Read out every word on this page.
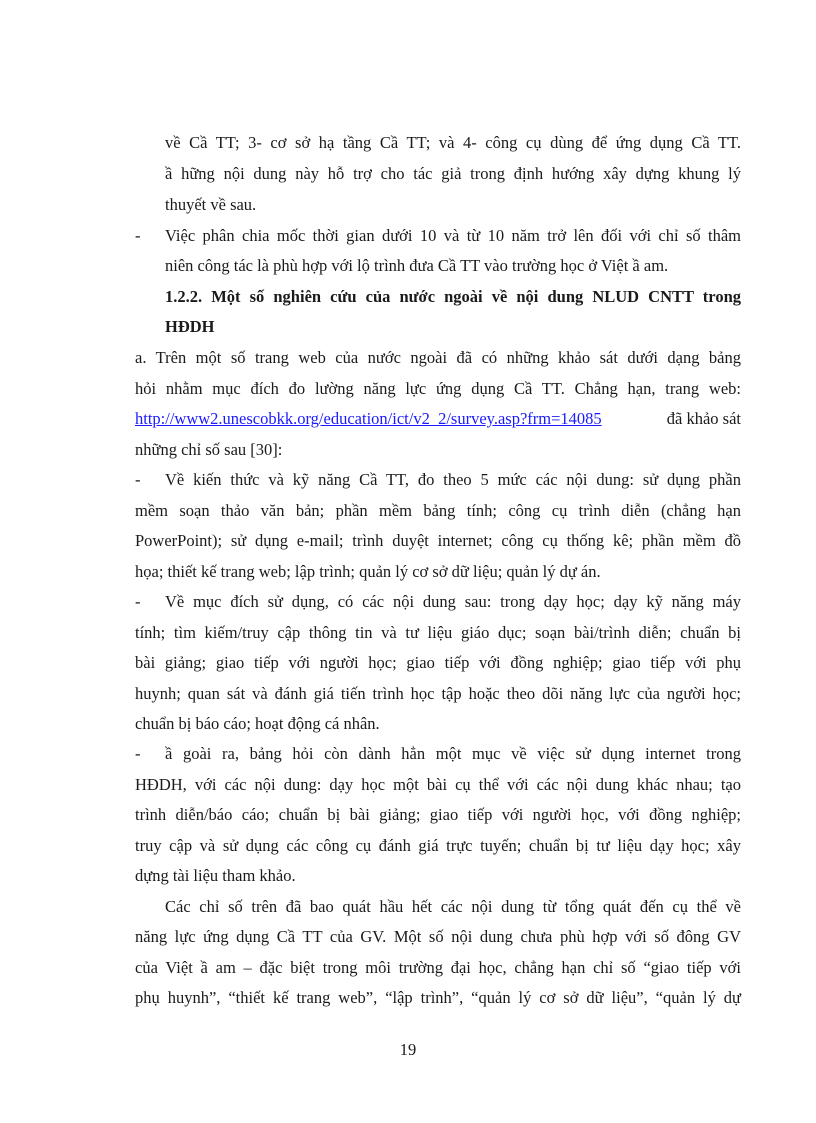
về Cầ TT; 3- cơ sở hạ tầng Cầ TT; và 4- công cụ dùng để ứng dụng Cầ TT.
ầ hững nội dung này hỗ trợ cho tác giả trong định hướng xây dựng khung lý
thuyết về sau.
- Việc phân chia mốc thời gian dưới 10 và từ 10 năm trở lên đối với chỉ số thâm
niên công tác là phù hợp với lộ trình đưa Cầ TT vào trường học ở Việt ầ am.
1.2.2. Một số nghiên cứu của nước ngoài về nội dung NLUD CNTT trong
HĐDH
a. Trên một số trang web của nước ngoài đã có những khảo sát dưới dạng bảng
hỏi nhằm mục đích đo lường năng lực ứng dụng Cầ TT. Chẳng hạn, trang web:
http://www2.unescobkk.org/education/ict/v2_2/survey.asp?frm=14085	đã khảo sát
những chỉ số sau [30]:
- Về kiến thức và kỹ năng Cầ TT, đo theo 5 mức các nội dung: sử dụng phần
mềm soạn thảo văn bản; phần mềm bảng tính; công cụ trình diễn (chẳng hạn
PowerPoint); sử dụng e-mail; trình duyệt internet; công cụ thống kê; phần mềm đồ
họa; thiết kế trang web; lập trình; quản lý cơ sở dữ liệu; quản lý dự án.
- Về mục đích sử dụng, có các nội dung sau: trong dạy học; dạy kỹ năng máy
tính; tìm kiếm/truy cập thông tin và tư liệu giáo dục; soạn bài/trình diễn; chuẩn bị
bài giảng; giao tiếp với người học; giao tiếp với đồng nghiệp; giao tiếp với phụ
huynh; quan sát và đánh giá tiến trình học tập hoặc theo dõi năng lực của người học;
chuẩn bị báo cáo; hoạt động cá nhân.
- ầ goài ra, bảng hỏi còn dành hẳn một mục về việc sử dụng internet trong
HĐDH, với các nội dung: dạy học một bài cụ thể với các nội dung khác nhau; tạo
trình diễn/báo cáo; chuẩn bị bài giảng; giao tiếp với người học, với đồng nghiệp;
truy cập và sử dụng các công cụ đánh giá trực tuyến; chuẩn bị tư liệu dạy học; xây
dựng tài liệu tham khảo.
Các chỉ số trên đã bao quát hầu hết các nội dung từ tổng quát đến cụ thể về
năng lực ứng dụng Cầ TT của GV. Một số nội dung chưa phù hợp với số đông GV
của Việt ầ am – đặc biệt trong môi trường đại học, chẳng hạn chỉ số “giao tiếp với
phụ huynh”, “thiết kế trang web”, “lập trình”, “quản lý cơ sở dữ liệu”, “quản lý dự
19
